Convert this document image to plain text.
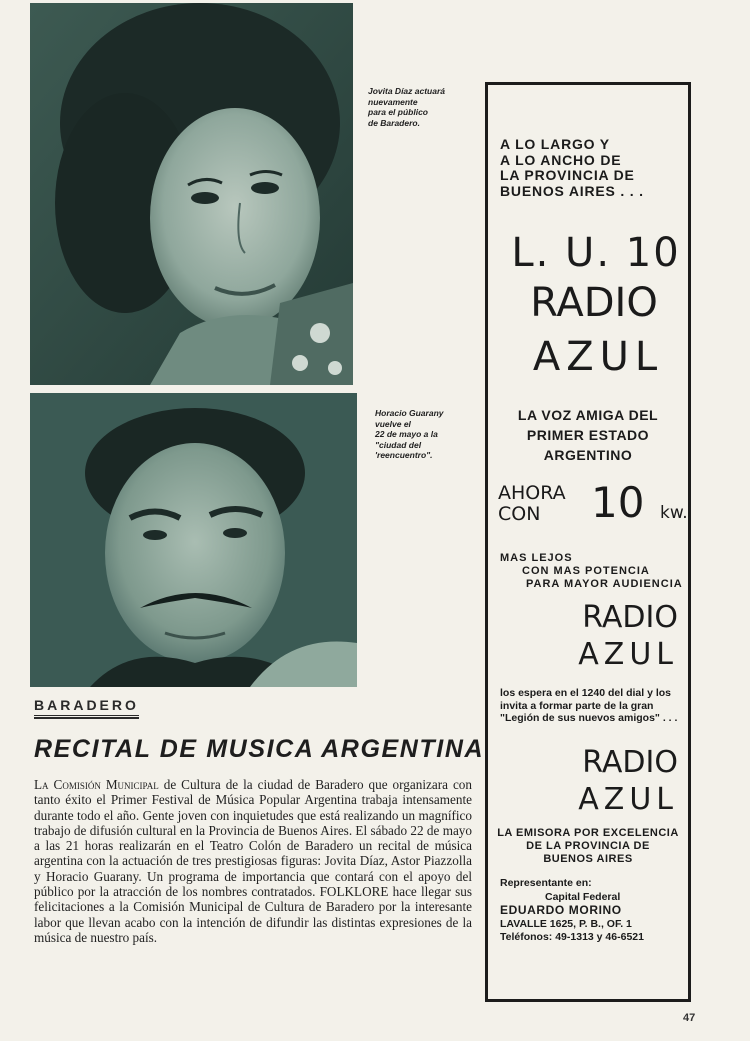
Jovita Díaz actuará
nuevamente
para el público
de Baradero.
Horacio Guarany
vuelve el
22 de mayo a la
"ciudad del
'reencuentro".
BARADERO
RECITAL DE MUSICA ARGENTINA
La Comisión Municipal de Cultura de la ciudad de Baradero que organizara con tanto éxito el Primer Festival de Música Popular Argentina trabaja intensamente durante todo el año. Gente joven con inquietudes que está realizando un magnífico trabajo de difusión cultural en la Provincia de Buenos Aires. El sábado 22 de mayo a las 21 horas realizarán en el Teatro Colón de Baradero un recital de música argentina con la actuación de tres prestigiosas figuras: Jovita Díaz, Astor Piazzolla y Horacio Guarany. Un programa de importancia que contará con el apoyo del público por la atracción de los nombres contratados. FOLKLORE hace llegar sus felicitaciones a la Comisión Municipal de Cultura de Baradero por la interesante labor que llevan acabo con la intención de difundir las distintas expresiones de la música de nuestro país.
A LO LARGO Y
A LO ANCHO DE
LA PROVINCIA DE
BUENOS AIRES . . .
L. U. 10
RADIO
AZUL
LA VOZ AMIGA DEL
PRIMER ESTADO
ARGENTINO
AHORA
CON	10 kw.
MAS LEJOS
CON MAS POTENCIA
PARA MAYOR AUDIENCIA
RADIO
AZUL
los espera en el 1240 del dial y los invita a formar parte de la gran "Legión de sus nuevos amigos" . . .
RADIO
AZUL
LA EMISORA POR EXCELENCIA
DE LA PROVINCIA DE
BUENOS AIRES
Representante en:
Capital Federal
EDUARDO MORINO
LAVALLE 1625, P. B., OF. 1
Teléfonos: 49-1313 y 46-6521
47
